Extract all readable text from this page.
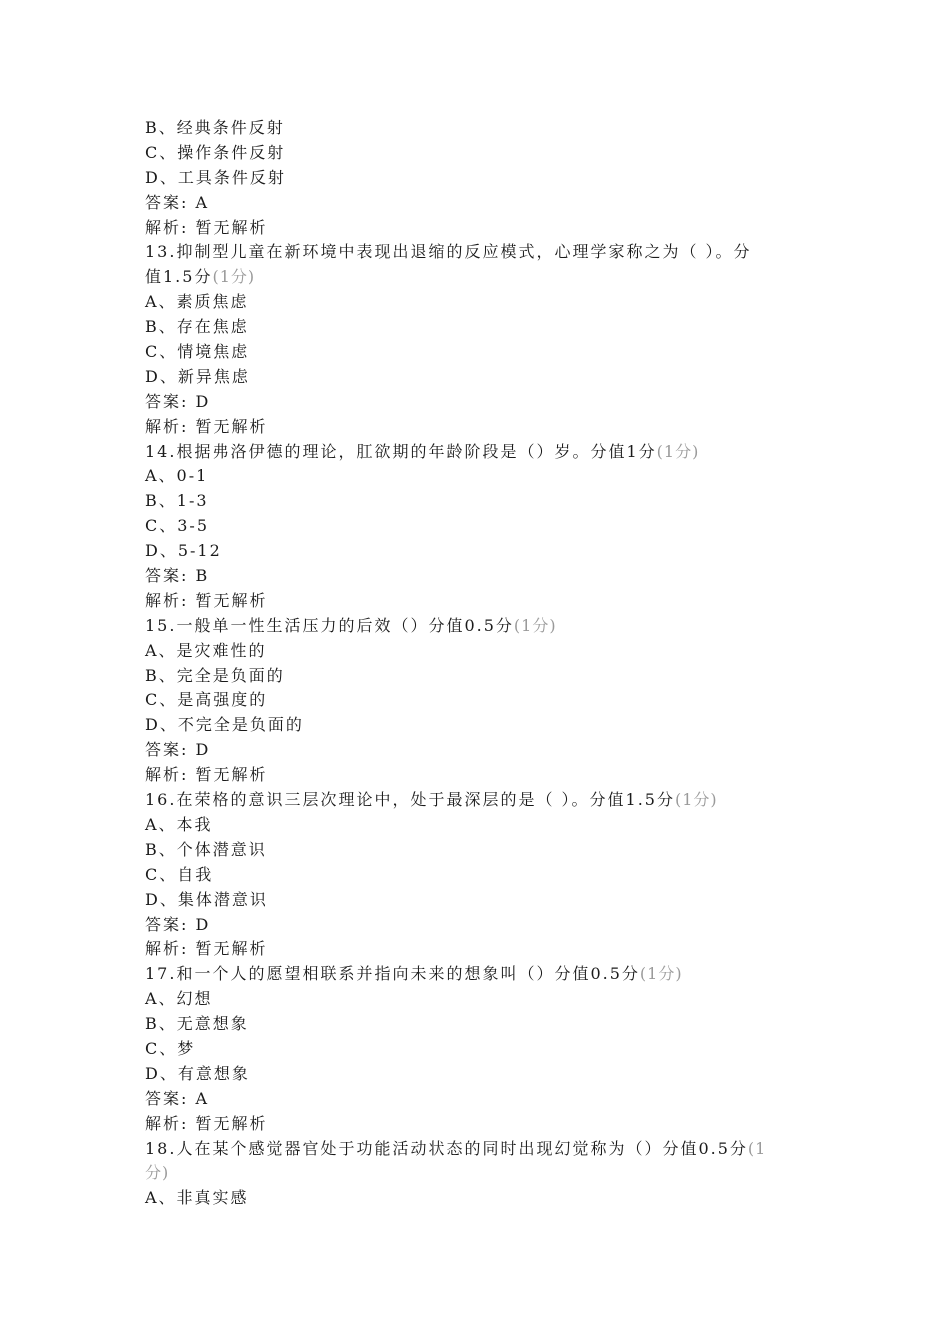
B、经典条件反射
C、操作条件反射
D、工具条件反射
答案: A
解析: 暂无解析
13.抑制型儿童在新环境中表现出退缩的反应模式，心理学家称之为（ ）。分
值1.5分(1分)
A、素质焦虑
B、存在焦虑
C、情境焦虑
D、新异焦虑
答案: D
解析: 暂无解析
14.根据弗洛伊德的理论，肛欲期的年龄阶段是（）岁。分值1分(1分)
A、0-1
B、1-3
C、3-5
D、5-12
答案: B
解析: 暂无解析
15.一般单一性生活压力的后效（）分值0.5分(1分)
A、是灾难性的
B、完全是负面的
C、是高强度的
D、不完全是负面的
答案: D
解析: 暂无解析
16.在荣格的意识三层次理论中，处于最深层的是（ ）。分值1.5分(1分)
A、本我
B、个体潜意识
C、自我
D、集体潜意识
答案: D
解析: 暂无解析
17.和一个人的愿望相联系并指向未来的想象叫（）分值0.5分(1分)
A、幻想
B、无意想象
C、梦
D、有意想象
答案: A
解析: 暂无解析
18.人在某个感觉器官处于功能活动状态的同时出现幻觉称为（）分值0.5分(1
分)
A、非真实感
